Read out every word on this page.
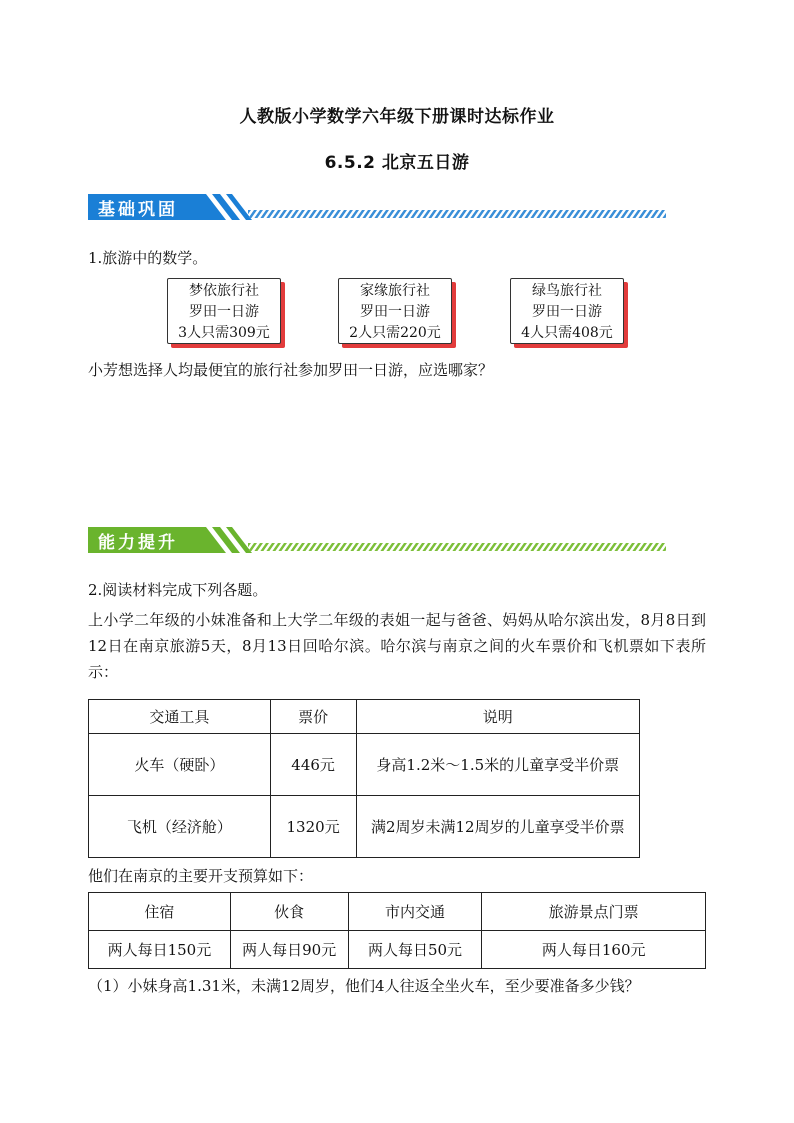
人教版小学数学六年级下册课时达标作业
6.5.2 北京五日游
基础巩固
1.旅游中的数学。
梦依旅行社
罗田一日游
3人只需309元
家缘旅行社
罗田一日游
2人只需220元
绿鸟旅行社
罗田一日游
4人只需408元
小芳想选择人均最便宜的旅行社参加罗田一日游，应选哪家？
能力提升
2.阅读材料完成下列各题。
上小学二年级的小妹准备和上大学二年级的表姐一起与爸爸、妈妈从哈尔滨出发，8月8日到12日在南京旅游5天，8月13日回哈尔滨。哈尔滨与南京之间的火车票价和飞机票如下表所示：
交通工具	票价	说明
火车（硬卧）	446元	身高1.2米～1.5米的儿童享受半价票
飞机（经济舱）	1320元	满2周岁未满12周岁的儿童享受半价票
他们在南京的主要开支预算如下：
住宿	伙食	市内交通	旅游景点门票
两人每日150元	两人每日90元	两人每日50元	两人每日160元
（1）小妹身高1.31米，未满12周岁，他们4人往返全坐火车，至少要准备多少钱？
